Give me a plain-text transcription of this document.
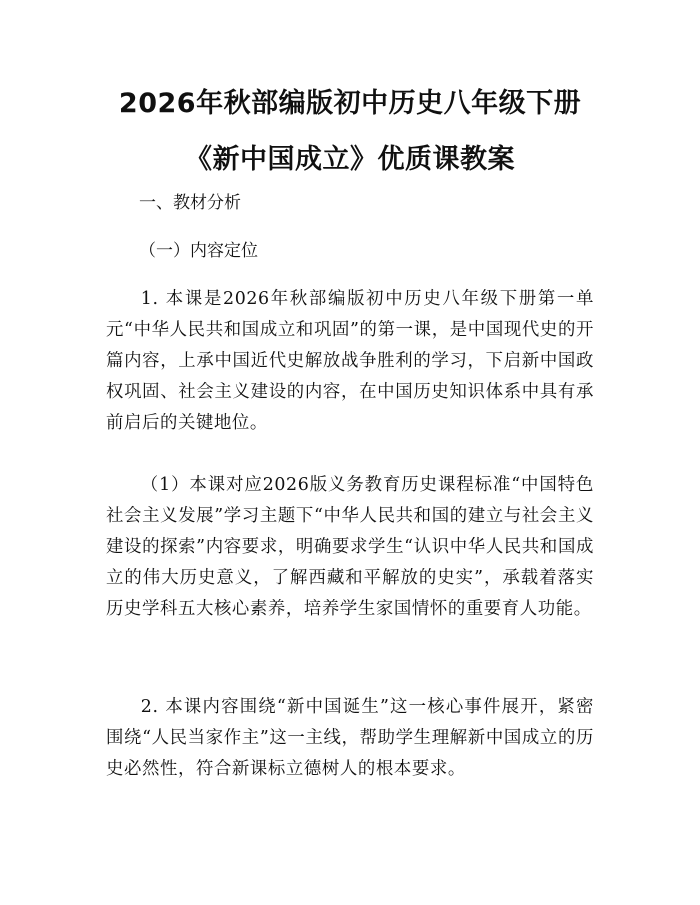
2026年秋部编版初中历史八年级下册《新中国成立》优质课教案

一、教材分析

（一）内容定位

1. 本课是2026年秋部编版初中历史八年级下册第一单元“中华人民共和国成立和巩固”的第一课，是中国现代史的开篇内容，上承中国近代史解放战争胜利的学习，下启新中国政权巩固、社会主义建设的内容，在中国历史知识体系中具有承前启后的关键地位。

（1）本课对应2026版义务教育历史课程标准“中国特色社会主义发展”学习主题下“中华人民共和国的建立与社会主义建设的探索”内容要求，明确要求学生“认识中华人民共和国成立的伟大历史意义，了解西藏和平解放的史实”，承载着落实历史学科五大核心素养，培养学生家国情怀的重要育人功能。

2. 本课内容围绕“新中国诞生”这一核心事件展开，紧密围绕“人民当家作主”这一主线，帮助学生理解新中国成立的历史必然性，符合新课标立德树人的根本要求。
